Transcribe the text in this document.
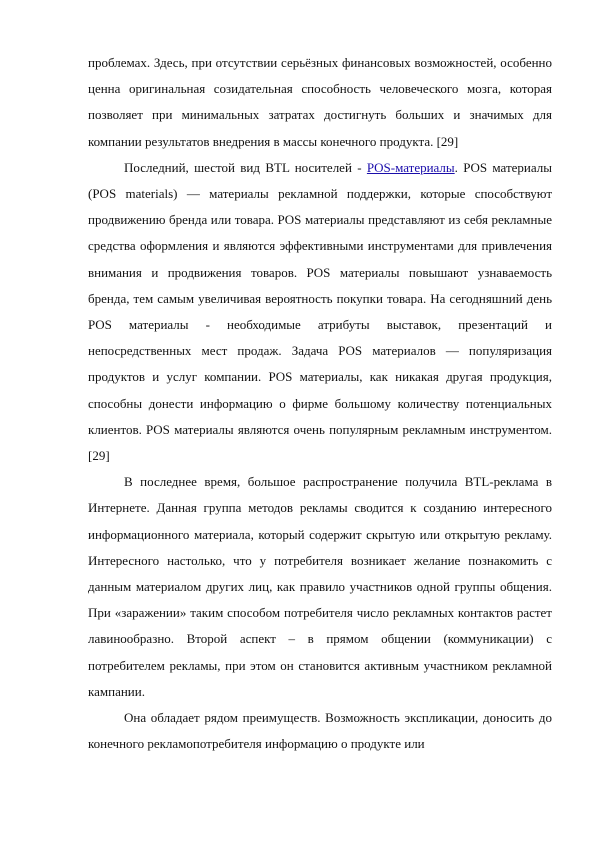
проблемах. Здесь, при отсутствии серьёзных финансовых возможностей, особенно ценна оригинальная созидательная способность человеческого мозга, которая позволяет при минимальных затратах достигнуть больших и значимых для компании результатов внедрения в массы конечного продукта. [29]

Последний, шестой вид BTL носителей - POS-материалы. POS материалы (POS materials) — материалы рекламной поддержки, которые способствуют продвижению бренда или товара. POS материалы представляют из себя рекламные средства оформления и являются эффективными инструментами для привлечения внимания и продвижения товаров. POS материалы повышают узнаваемость бренда, тем самым увеличивая вероятность покупки товара. На сегодняшний день POS материалы - необходимые атрибуты выставок, презентаций и непосредственных мест продаж. Задача POS материалов — популяризация продуктов и услуг компании. POS материалы, как никакая другая продукция, способны донести информацию о фирме большому количеству потенциальных клиентов. POS материалы являются очень популярным рекламным инструментом. [29]

В последнее время, большое распространение получила BTL-реклама в Интернете. Данная группа методов рекламы сводится к созданию интересного информационного материала, который содержит скрытую или открытую рекламу. Интересного настолько, что у потребителя возникает желание познакомить с данным материалом других лиц, как правило участников одной группы общения. При «заражении» таким способом потребителя число рекламных контактов растет лавинообразно. Второй аспект – в прямом общении (коммуникации) с потребителем рекламы, при этом он становится активным участником рекламной кампании.

Она обладает рядом преимуществ. Возможность экспликации, доносить до конечного рекламопотребителя информацию о продукте или
